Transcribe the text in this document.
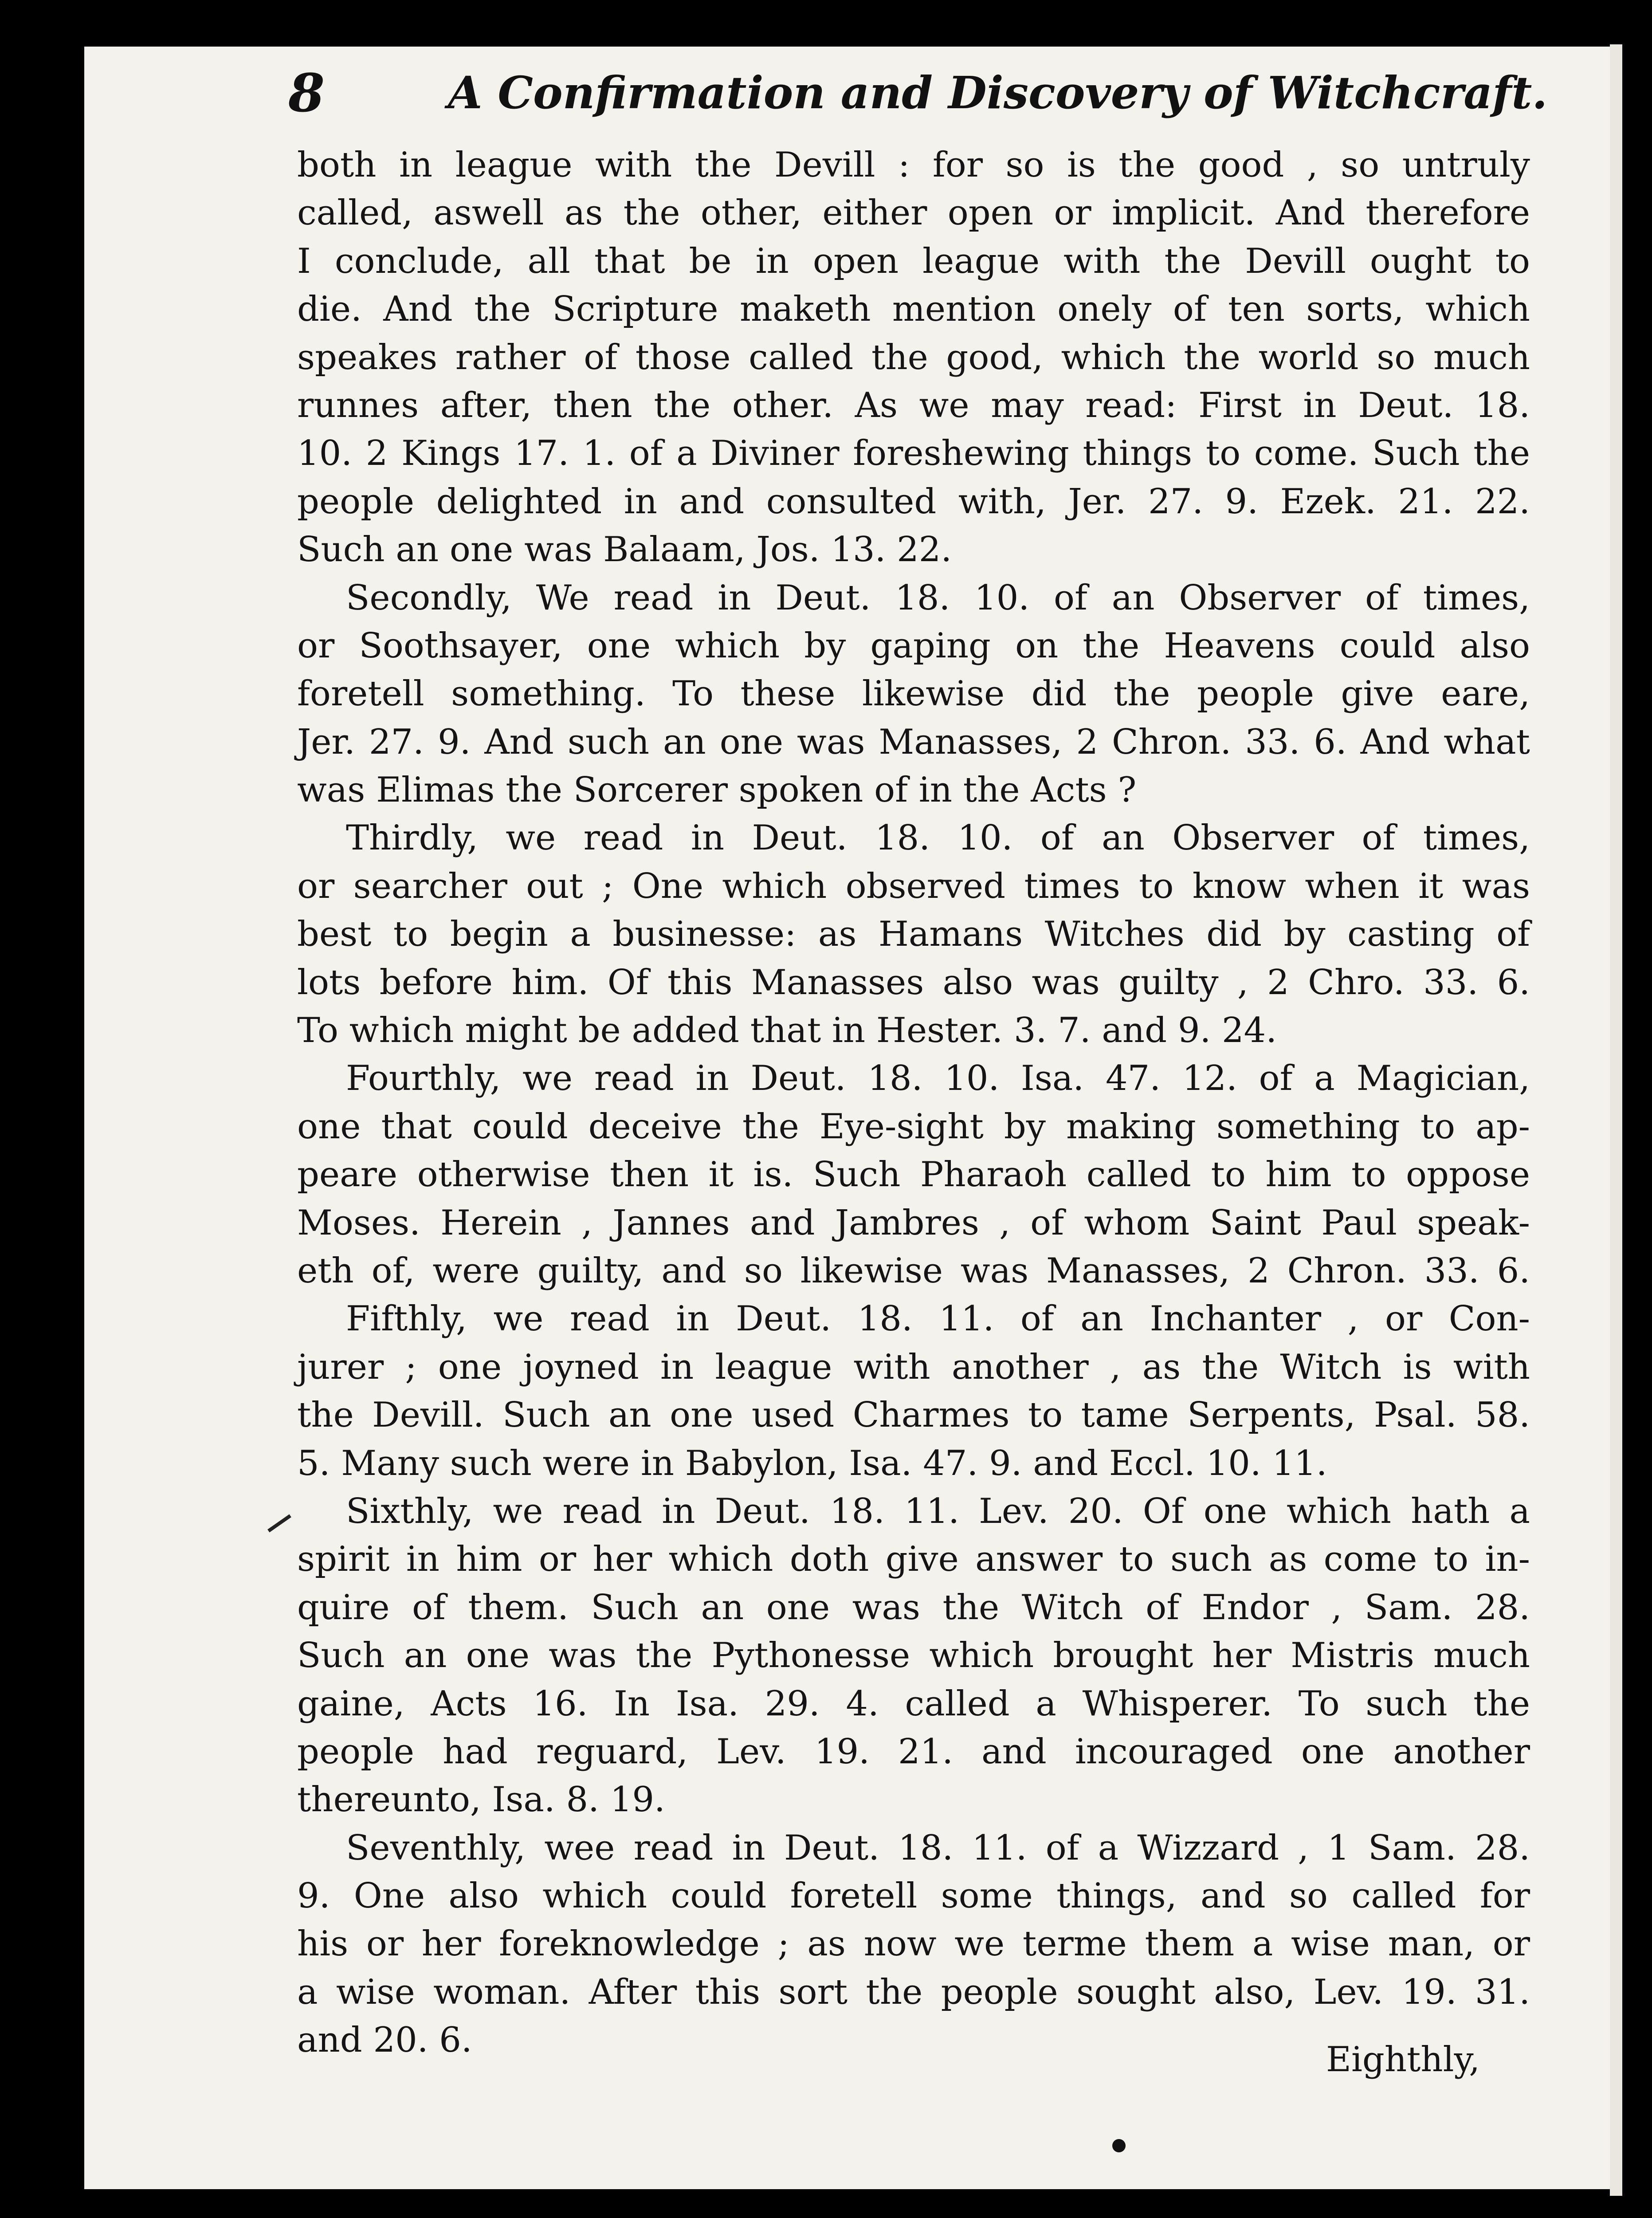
8	A Confirmation and Discovery of Witchcraft.
both in league with the Devill : for so is the good , so untruly
called, aswell as the other, either open or implicit. And therefore
I conclude, all that be in open league with the Devill ought to
die. And the Scripture maketh mention onely of ten sorts, which
speakes rather of those called the good, which the world so much
runnes after, then the other. As we may read: First in Deut. 18.
10. 2 Kings 17. 1. of a Diviner foreshewing things to come. Such the
people delighted in and consulted with, Jer. 27. 9. Ezek. 21. 22.
Such an one was Balaam, Jos. 13. 22.
Secondly, We read in Deut. 18. 10. of an Observer of times,
or Soothsayer, one which by gaping on the Heavens could also
foretell something. To these likewise did the people give eare,
Jer. 27. 9. And such an one was Manasses, 2 Chron. 33. 6. And what
was Elimas the Sorcerer spoken of in the Acts ?
Thirdly, we read in Deut. 18. 10. of an Observer of times,
or searcher out ; One which observed times to know when it was
best to begin a businesse: as Hamans Witches did by casting of
lots before him. Of this Manasses also was guilty , 2 Chro. 33. 6.
To which might be added that in Hester. 3. 7. and 9. 24.
Fourthly, we read in Deut. 18. 10. Isa. 47. 12. of a Magician,
one that could deceive the Eye-sight by making something to ap-
peare otherwise then it is. Such Pharaoh called to him to oppose
Moses. Herein , Jannes and Jambres , of whom Saint Paul speak-
eth of, were guilty, and so likewise was Manasses, 2 Chron. 33. 6.
Fifthly, we read in Deut. 18. 11. of an Inchanter , or Con-
jurer ; one joyned in league with another , as the Witch is with
the Devill. Such an one used Charmes to tame Serpents, Psal. 58.
5. Many such were in Babylon, Isa. 47. 9. and Eccl. 10. 11.
Sixthly, we read in Deut. 18. 11. Lev. 20. Of one which hath a
spirit in him or her which doth give answer to such as come to in-
quire of them. Such an one was the Witch of Endor , Sam. 28.
Such an one was the Pythonesse which brought her Mistris much
gaine, Acts 16. In Isa. 29. 4. called a Whisperer. To such the
people had reguard, Lev. 19. 21. and incouraged one another
thereunto, Isa. 8. 19.
Seventhly, wee read in Deut. 18. 11. of a Wizzard , 1 Sam. 28.
9. One also which could foretell some things, and so called for
his or her foreknowledge ; as now we terme them a wise man, or
a wise woman. After this sort the people sought also, Lev. 19. 31.
and 20. 6.	Eighthly,
